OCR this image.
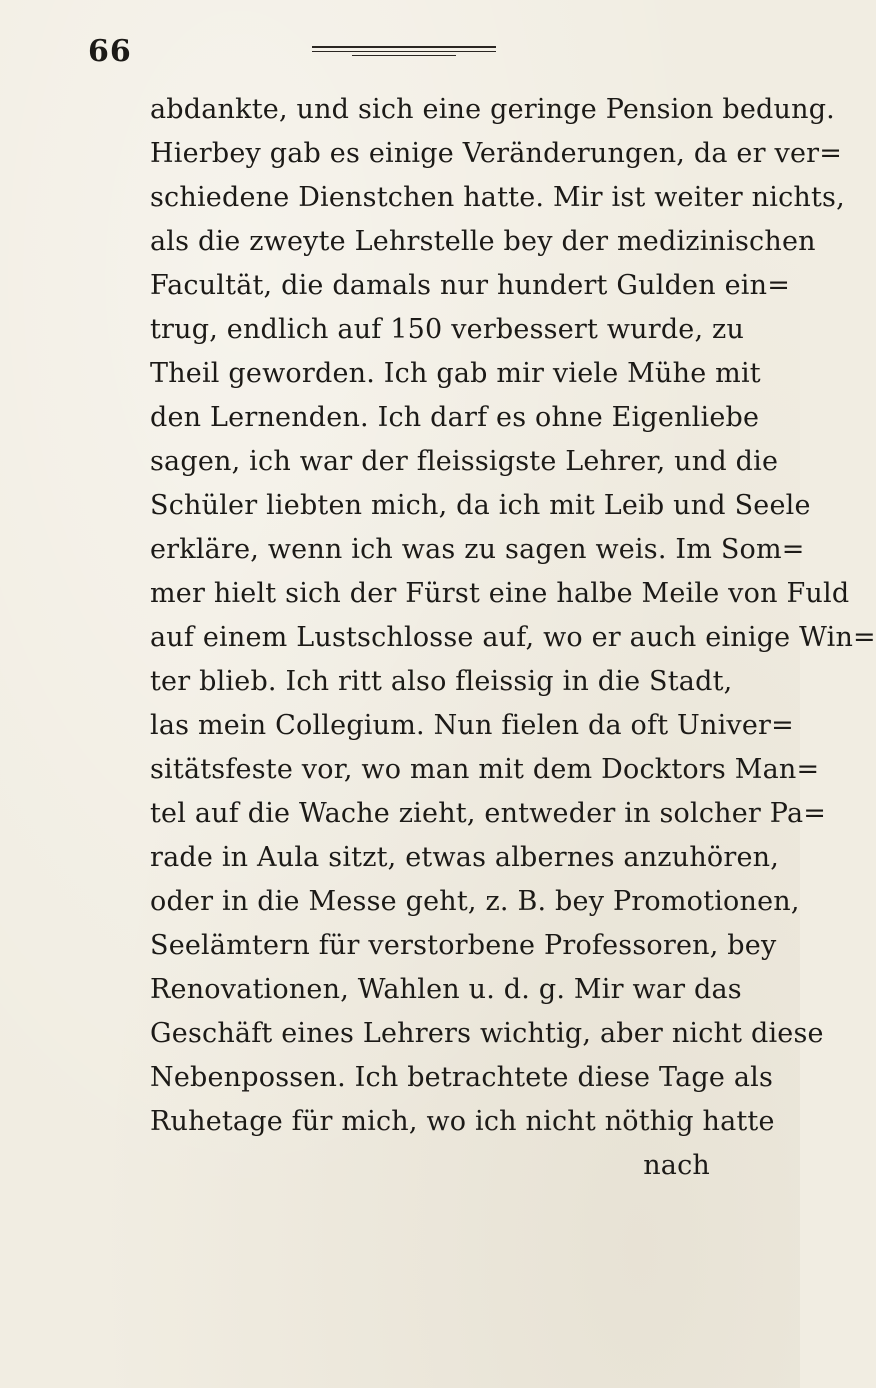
66
abdankte, und sich eine geringe Pension bedung.
Hierbey gab es einige Veränderungen, da er ver=
schiedene Dienstchen hatte. Mir ist weiter nichts,
als die zweyte Lehrstelle bey der medizinischen
Facultät, die damals nur hundert Gulden ein=
trug, endlich auf 150 verbessert wurde, zu
Theil geworden. Ich gab mir viele Mühe mit
den Lernenden. Ich darf es ohne Eigenliebe
sagen, ich war der fleissigste Lehrer, und die
Schüler liebten mich, da ich mit Leib und Seele
erkläre, wenn ich was zu sagen weis. Im Som=
mer hielt sich der Fürst eine halbe Meile von Fuld
auf einem Lustschlosse auf, wo er auch einige Win=
ter blieb. Ich ritt also fleissig in die Stadt,
las mein Collegium. Nun fielen da oft Univer=
sitätsfeste vor, wo man mit dem Docktors Man=
tel auf die Wache zieht, entweder in solcher Pa=
rade in Aula sitzt, etwas albernes anzuhören,
oder in die Messe geht, z. B. bey Promotionen,
Seelämtern für verstorbene Professoren, bey
Renovationen, Wahlen u. d. g. Mir war das
Geschäft eines Lehrers wichtig, aber nicht diese
Nebenpossen. Ich betrachtete diese Tage als
Ruhetage für mich, wo ich nicht nöthig hatte
nach
